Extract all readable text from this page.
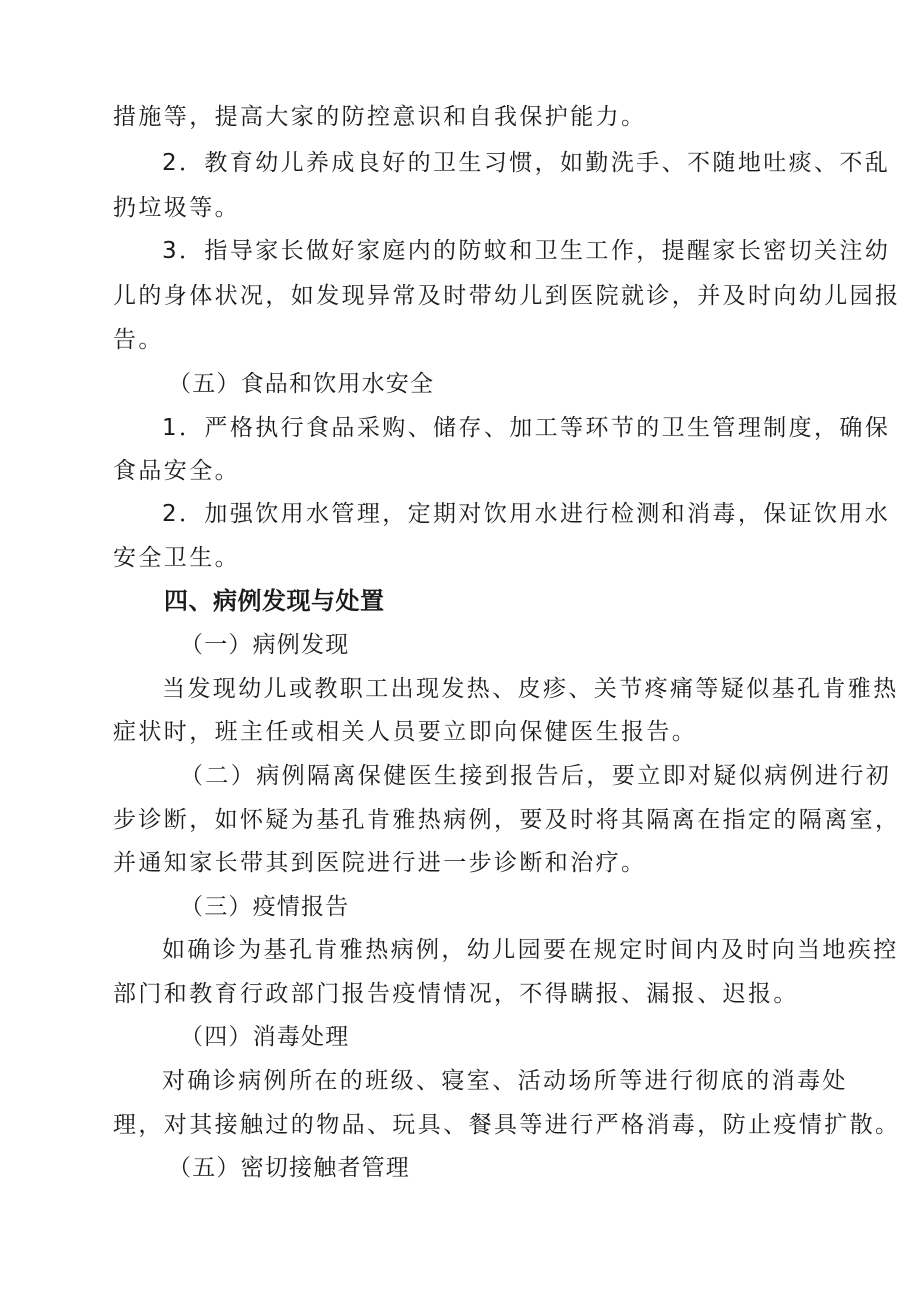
措施等，提高大家的防控意识和自我保护能力。
2．教育幼儿养成良好的卫生习惯，如勤洗手、不随地吐痰、不乱
扔垃圾等。
3．指导家长做好家庭内的防蚊和卫生工作，提醒家长密切关注幼
儿的身体状况，如发现异常及时带幼儿到医院就诊，并及时向幼儿园报
告。
（五）食品和饮用水安全
1．严格执行食品采购、储存、加工等环节的卫生管理制度，确保
食品安全。
2．加强饮用水管理，定期对饮用水进行检测和消毒，保证饮用水
安全卫生。
四、病例发现与处置
（一）病例发现
当发现幼儿或教职工出现发热、皮疹、关节疼痛等疑似基孔肯雅热
症状时，班主任或相关人员要立即向保健医生报告。
（二）病例隔离保健医生接到报告后，要立即对疑似病例进行初
步诊断，如怀疑为基孔肯雅热病例，要及时将其隔离在指定的隔离室，
并通知家长带其到医院进行进一步诊断和治疗。
（三）疫情报告
如确诊为基孔肯雅热病例，幼儿园要在规定时间内及时向当地疾控
部门和教育行政部门报告疫情情况，不得瞒报、漏报、迟报。
（四）消毒处理
对确诊病例所在的班级、寝室、活动场所等进行彻底的消毒处
理，对其接触过的物品、玩具、餐具等进行严格消毒，防止疫情扩散。
（五）密切接触者管理
